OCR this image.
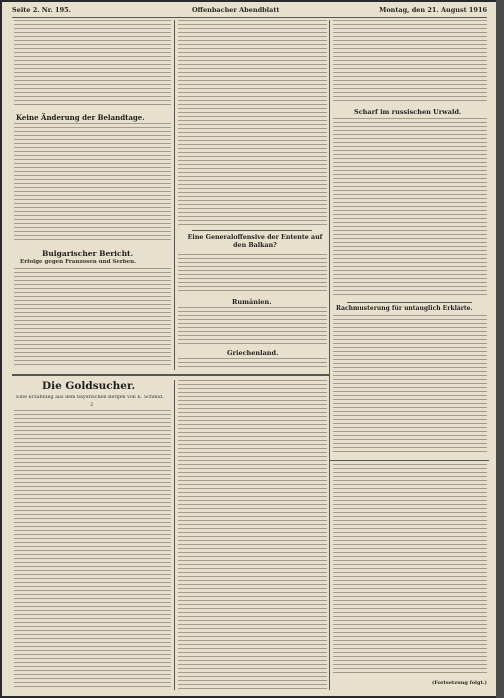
Seite 2. Nr. 195.	Offenbacher Abendblatt	Montag, den 21. August 1916
Keine Änderung der Belandtage.
Bulgarischer Bericht.
Erfolge gegen Franzosen und Serben.
Eine Generaloffensive der Entente auf den Balkan?
Rumänien.
Griechenland.
Scharf im russischen Urwald.
Rachmusterung für untauglich Erklärte.
Die Goldsucher.
Eine Erzählung aus dem bayerischen Bergen von E. Schmid.
2
(Fortsetzung folgt.)
